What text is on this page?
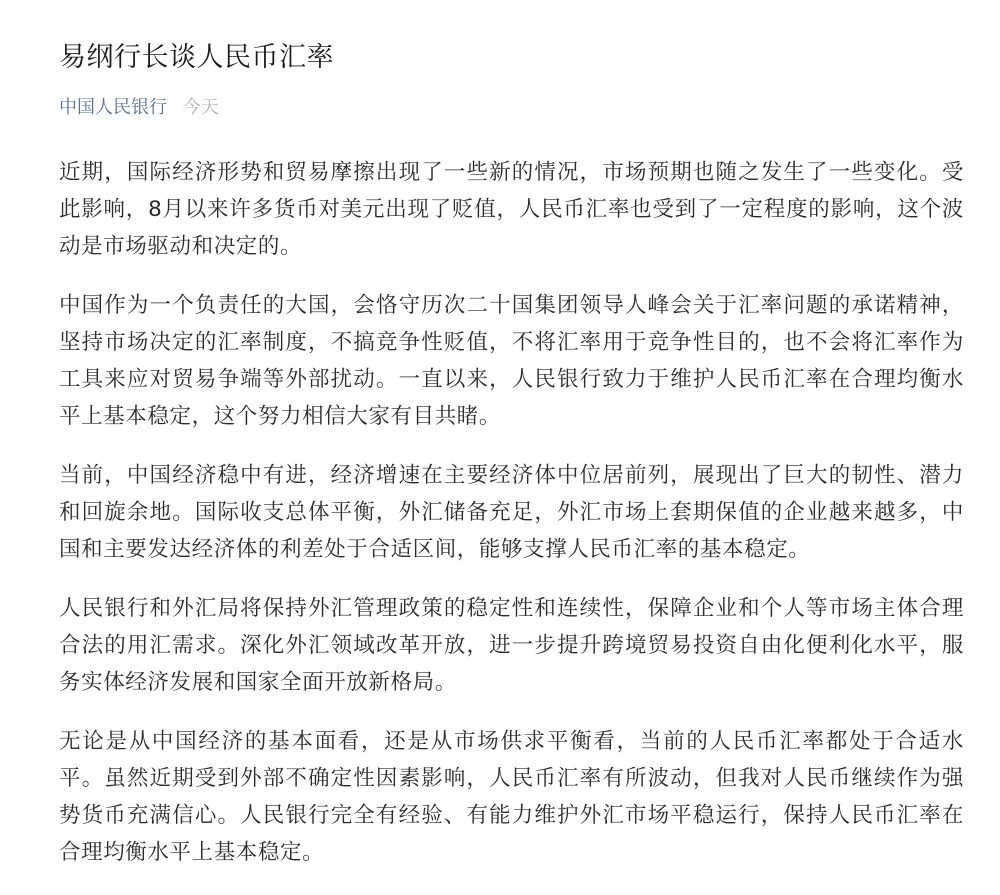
易纲行长谈人民币汇率
中国人民银行 今天

近期，国际经济形势和贸易摩擦出现了一些新的情况，市场预期也随之发生了一些变化。受此影响，8月以来许多货币对美元出现了贬值，人民币汇率也受到了一定程度的影响，这个波动是市场驱动和决定的。

中国作为一个负责任的大国，会恪守历次二十国集团领导人峰会关于汇率问题的承诺精神，坚持市场决定的汇率制度，不搞竞争性贬值，不将汇率用于竞争性目的，也不会将汇率作为工具来应对贸易争端等外部扰动。一直以来，人民银行致力于维护人民币汇率在合理均衡水平上基本稳定，这个努力相信大家有目共睹。

当前，中国经济稳中有进，经济增速在主要经济体中位居前列，展现出了巨大的韧性、潜力和回旋余地。国际收支总体平衡，外汇储备充足，外汇市场上套期保值的企业越来越多，中国和主要发达经济体的利差处于合适区间，能够支撑人民币汇率的基本稳定。

人民银行和外汇局将保持外汇管理政策的稳定性和连续性，保障企业和个人等市场主体合理合法的用汇需求。深化外汇领域改革开放，进一步提升跨境贸易投资自由化便利化水平，服务实体经济发展和国家全面开放新格局。

无论是从中国经济的基本面看，还是从市场供求平衡看，当前的人民币汇率都处于合适水平。虽然近期受到外部不确定性因素影响，人民币汇率有所波动，但我对人民币继续作为强势货币充满信心。人民银行完全有经验、有能力维护外汇市场平稳运行，保持人民币汇率在合理均衡水平上基本稳定。
